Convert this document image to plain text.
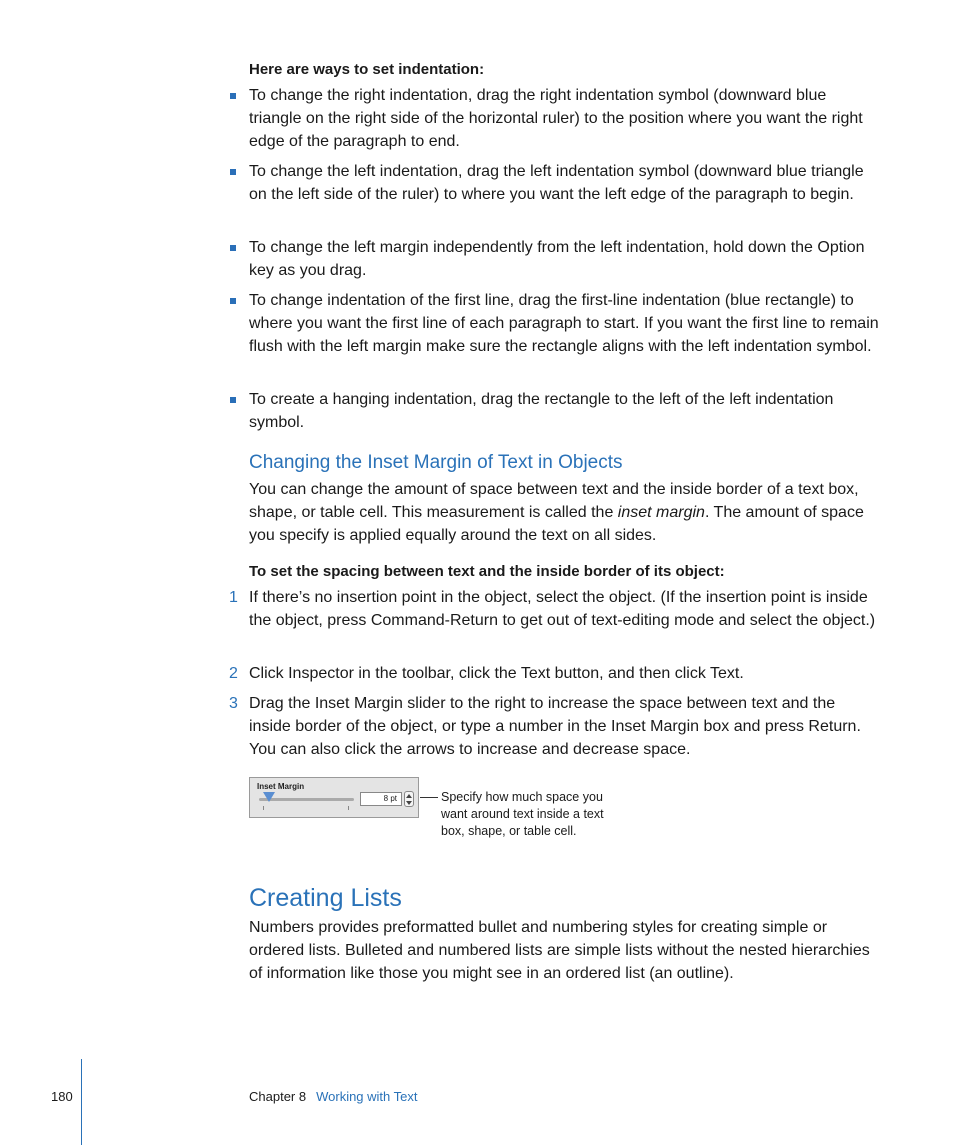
Here are ways to set indentation:
To change the right indentation, drag the right indentation symbol (downward blue triangle on the right side of the horizontal ruler) to the position where you want the right edge of the paragraph to end.
To change the left indentation, drag the left indentation symbol (downward blue triangle on the left side of the ruler) to where you want the left edge of the paragraph to begin.
To change the left margin independently from the left indentation, hold down the Option key as you drag.
To change indentation of the first line, drag the first-line indentation (blue rectangle) to where you want the first line of each paragraph to start. If you want the first line to remain flush with the left margin make sure the rectangle aligns with the left indentation symbol.
To create a hanging indentation, drag the rectangle to the left of the left indentation symbol.
Changing the Inset Margin of Text in Objects
You can change the amount of space between text and the inside border of a text box, shape, or table cell. This measurement is called the inset margin. The amount of space you specify is applied equally around the text on all sides.
To set the spacing between text and the inside border of its object:
1 If there’s no insertion point in the object, select the object. (If the insertion point is inside the object, press Command-Return to get out of text-editing mode and select the object.)
2 Click Inspector in the toolbar, click the Text button, and then click Text.
3 Drag the Inset Margin slider to the right to increase the space between text and the inside border of the object, or type a number in the Inset Margin box and press Return. You can also click the arrows to increase and decrease space.
Inset Margin
8 pt	Specify how much space you want around text inside a text box, shape, or table cell.
Creating Lists
Numbers provides preformatted bullet and numbering styles for creating simple or ordered lists. Bulleted and numbered lists are simple lists without the nested hierarchies of information like those you might see in an ordered list (an outline).
180	Chapter 8 Working with Text
